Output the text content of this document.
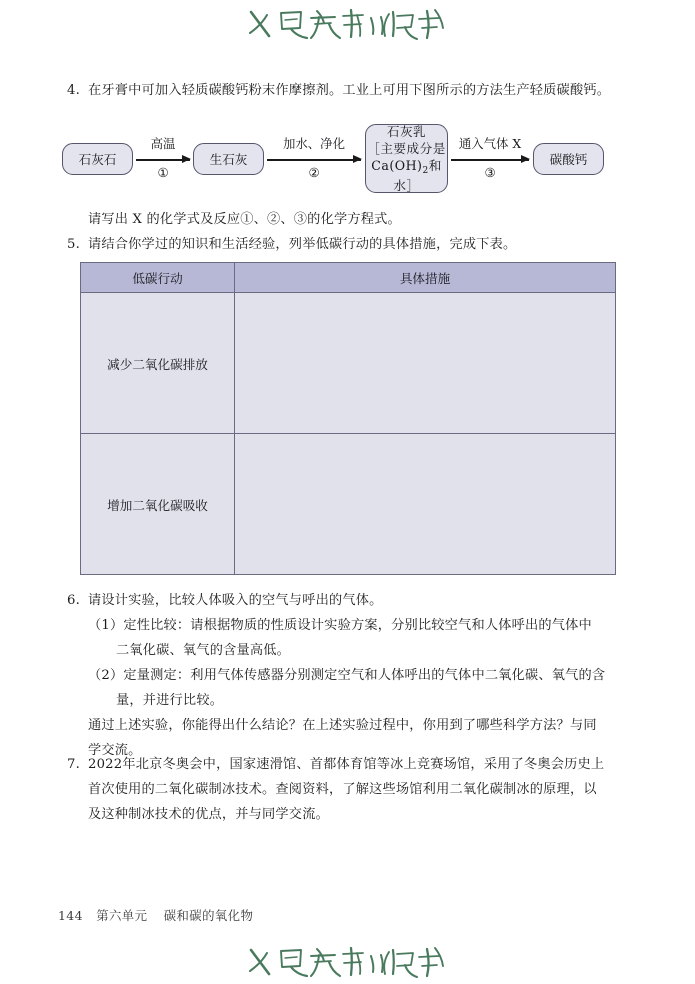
4. 在牙膏中可加入轻质碳酸钙粉末作摩擦剂。工业上可用下图所示的方法生产轻质碳酸钙。
石灰石
高温
①
生石灰
加水、净化
②
石灰乳
［主要成分是
$Ca(OH)_2$和水］
通入气体 X
③
碳酸钙
请写出 X 的化学式及反应①、②、③的化学方程式。
5. 请结合你学过的知识和生活经验，列举低碳行动的具体措施，完成下表。
低碳行动	具体措施
减少二氧化碳排放	
增加二氧化碳吸收	
6. 请设计实验，比较人体吸入的空气与呼出的气体。
（1）定性比较：请根据物质的性质设计实验方案，分别比较空气和人体呼出的气体中
二氧化碳、氧气的含量高低。
（2）定量测定：利用气体传感器分别测定空气和人体呼出的气体中二氧化碳、氧气的含
量，并进行比较。
通过上述实验，你能得出什么结论？在上述实验过程中，你用到了哪些科学方法？与同
学交流。
7. 2022年北京冬奥会中，国家速滑馆、首都体育馆等冰上竞赛场馆，采用了冬奥会历史上
首次使用的二氧化碳制冰技术。查阅资料，了解这些场馆利用二氧化碳制冰的原理，以
及这种制冰技术的优点，并与同学交流。
144 第六单元 碳和碳的氧化物
